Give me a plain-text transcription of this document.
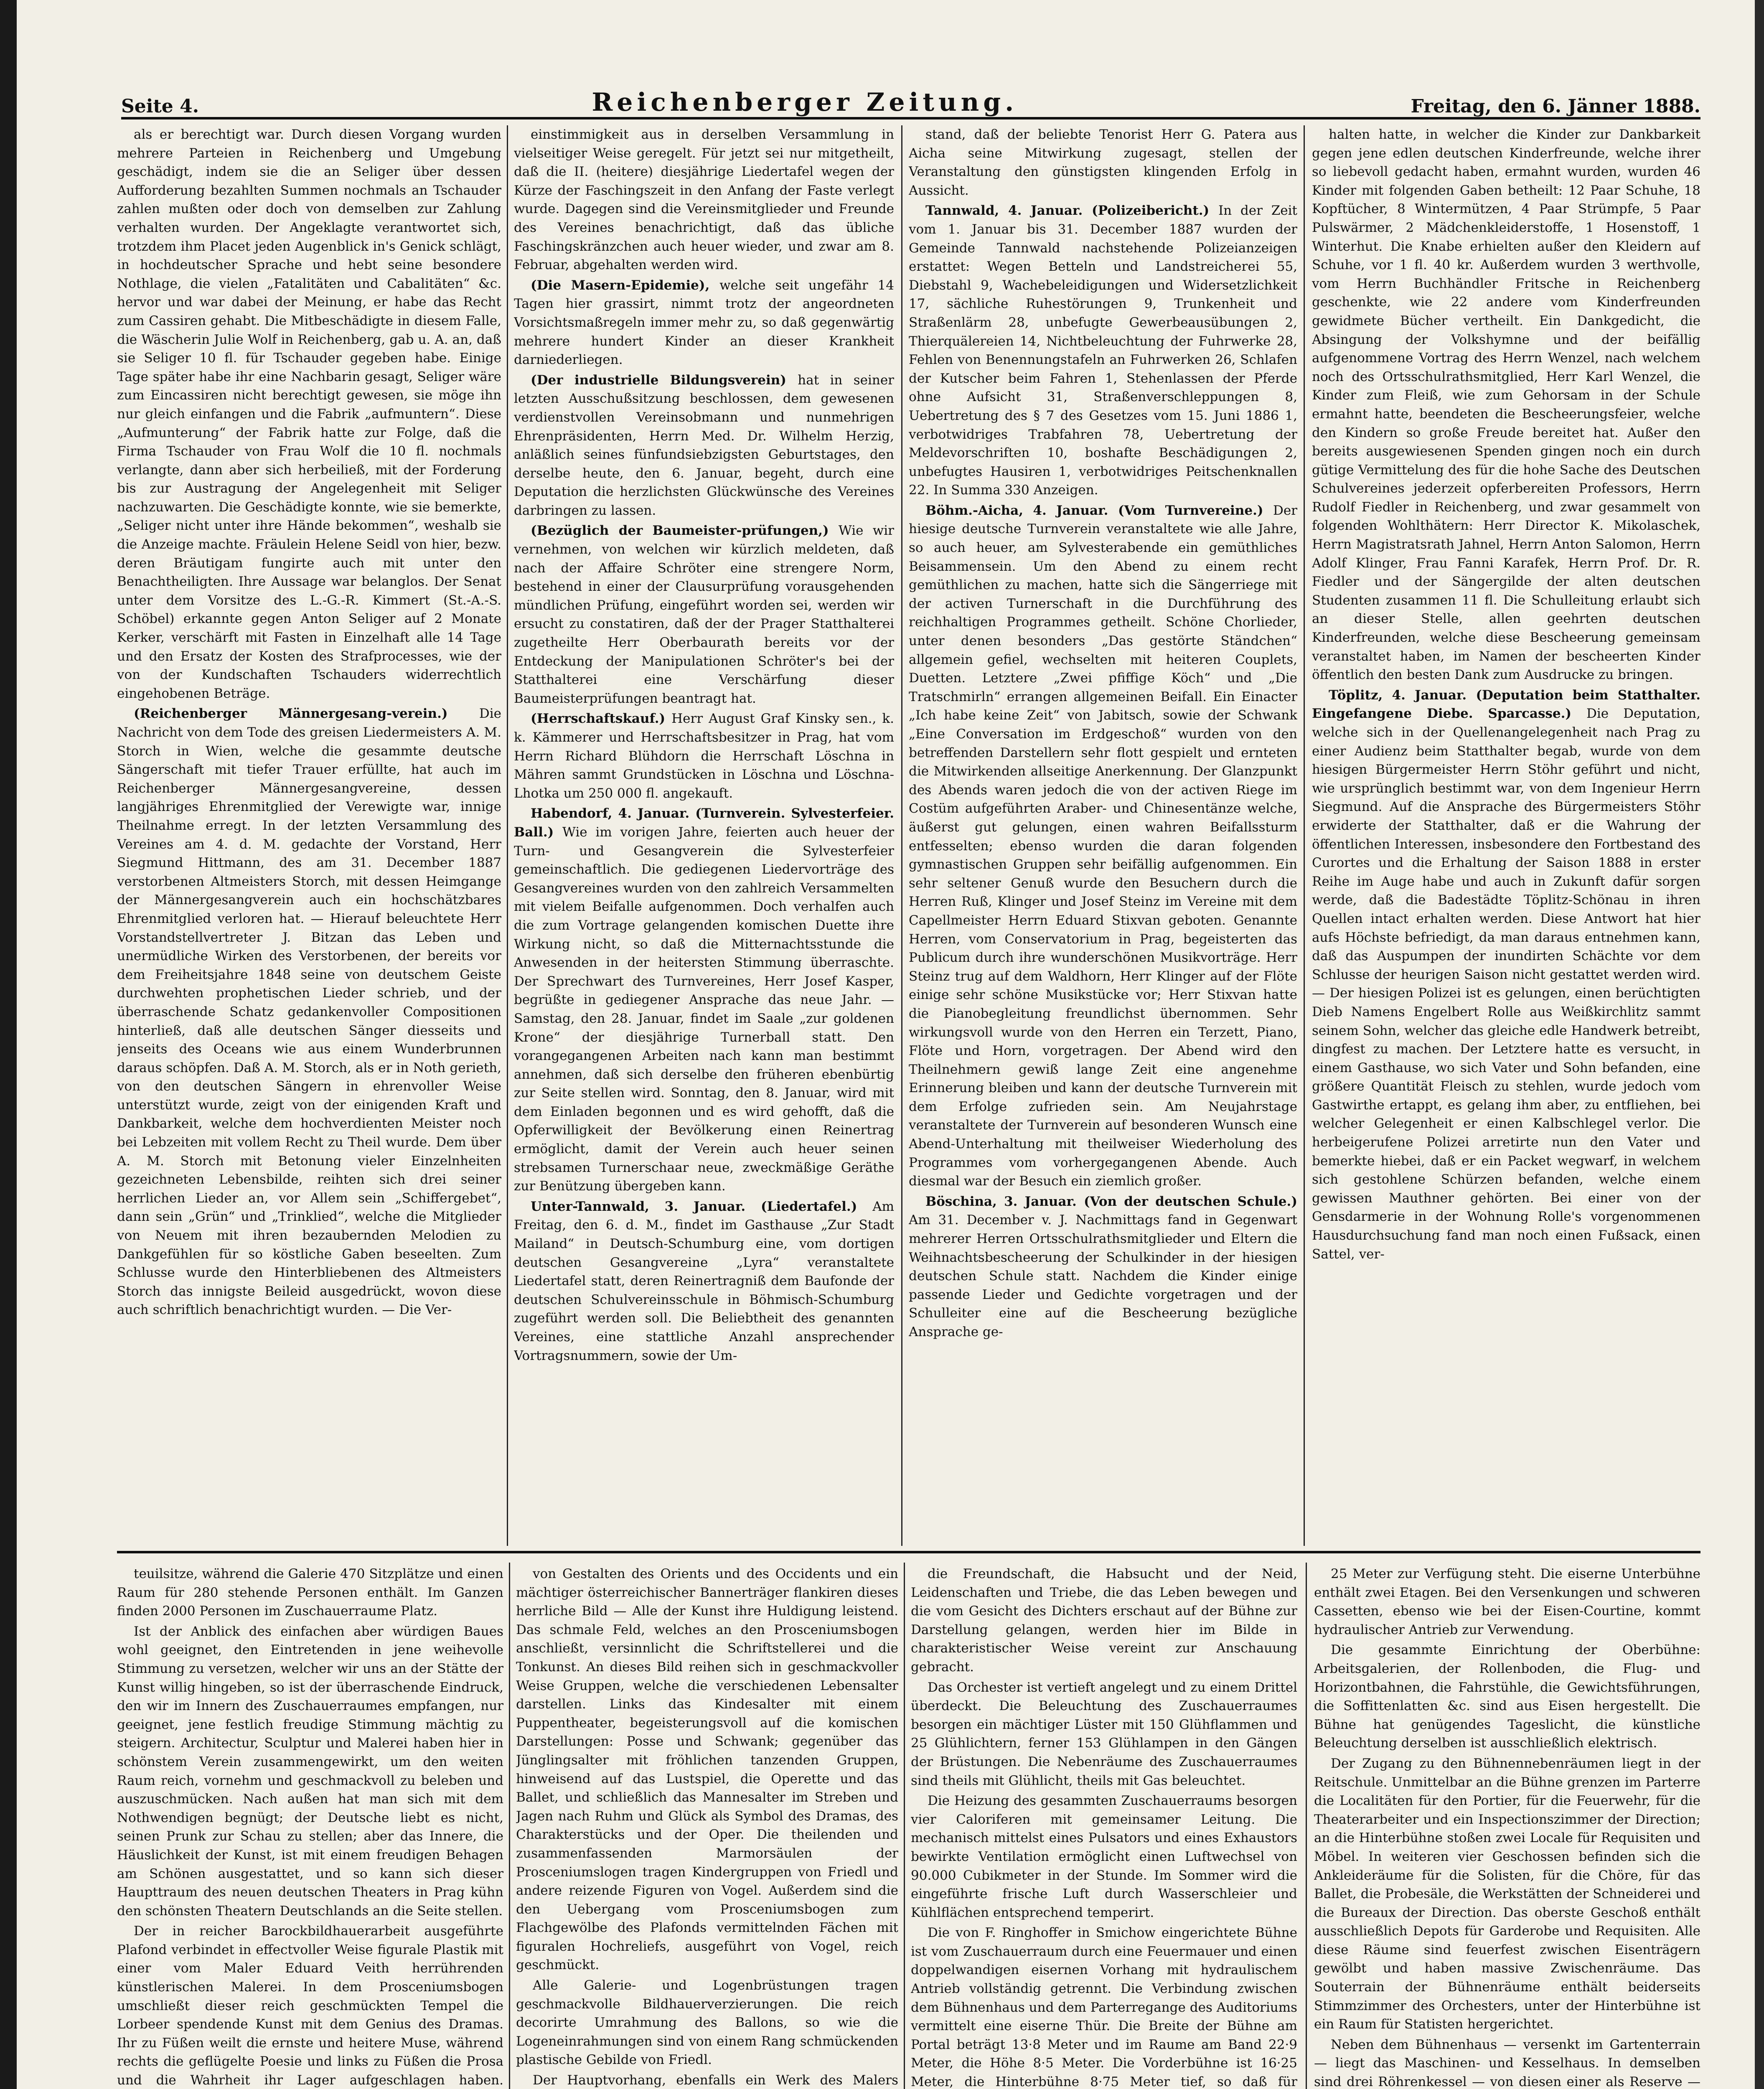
Seite 4.	Reichenberger Zeitung.	Freitag, den 6. Jänner 1888.

als er berechtigt war. Durch diesen Vorgang wurden mehrere Parteien in Reichenberg und Umgebung geschädigt, indem sie die an Seliger über dessen Aufforderung bezahlten Summen nochmals an Tschauder zahlen mußten oder doch von demselben zur Zahlung verhalten wurden. Der Angeklagte verantwortet sich, trotzdem ihm Placet jeden Augenblick in's Genick schlägt, in hochdeutscher Sprache und hebt seine besondere Nothlage, die vielen „Fatalitäten und Cabalitäten“ &c. hervor und war dabei der Meinung, er habe das Recht zum Cassiren gehabt. Die Mitbeschädigte in diesem Falle, die Wäscherin Julie Wolf in Reichenberg, gab u. A. an, daß sie Seliger 10 fl. für Tschauder gegeben habe. Einige Tage später habe ihr eine Nachbarin gesagt, Seliger wäre zum Eincassiren nicht berechtigt gewesen, sie möge ihn nur gleich einfangen und die Fabrik „aufmuntern“. Diese „Aufmunterung“ der Fabrik hatte zur Folge, daß die Firma Tschauder von Frau Wolf die 10 fl. nochmals verlangte, dann aber sich herbeiließ, mit der Forderung bis zur Austragung der Angelegenheit mit Seliger nachzuwarten. Die Geschädigte konnte, wie sie bemerkte, „Seliger nicht unter ihre Hände bekommen“, weshalb sie die Anzeige machte. Fräulein Helene Seidl von hier, bezw. deren Bräutigam fungirte auch mit unter den Benachtheiligten. Ihre Aussage war belanglos. Der Senat unter dem Vorsitze des L.-G.-R. Kimmert (St.-A.-S. Schöbel) erkannte gegen Anton Seliger auf 2 Monate Kerker, verschärft mit Fasten in Einzelhaft alle 14 Tage und den Ersatz der Kosten des Strafprocesses, wie der von der Kundschaften Tschauders widerrechtlich eingehobenen Beträge.

(Reichenberger Männergesang-verein.) Die Nachricht von dem Tode des greisen Liedermeisters A. M. Storch in Wien, welche die gesammte deutsche Sängerschaft mit tiefer Trauer erfüllte, hat auch im Reichenberger Männergesangvereine, dessen langjähriges Ehrenmitglied der Verewigte war, innige Theilnahme erregt. In der letzten Versammlung des Vereines am 4. d. M. gedachte der Vorstand, Herr Siegmund Hittmann, des am 31. December 1887 verstorbenen Altmeisters Storch, mit dessen Heimgange der Männergesangverein auch ein hochschätzbares Ehrenmitglied verloren hat. — Hierauf beleuchtete Herr Vorstandstellvertreter J. Bitzan das Leben und unermüdliche Wirken des Verstorbenen, der bereits vor dem Freiheitsjahre 1848 seine von deutschem Geiste durchwehten prophetischen Lieder schrieb, und der überraschende Schatz gedankenvoller Compositionen hinterließ, daß alle deutschen Sänger diesseits und jenseits des Oceans wie aus einem Wunderbrunnen daraus schöpfen. Daß A. M. Storch, als er in Noth gerieth, von den deutschen Sängern in ehrenvoller Weise unterstützt wurde, zeigt von der einigenden Kraft und Dankbarkeit, welche dem hochverdienten Meister noch bei Lebzeiten mit vollem Recht zu Theil wurde. Dem über A. M. Storch mit Betonung vieler Einzelnheiten gezeichneten Lebensbilde, reihten sich drei seiner herrlichen Lieder an, vor Allem sein „Schiffergebet“, dann sein „Grün“ und „Trinklied“, welche die Mitglieder von Neuem mit ihren bezaubernden Melodien zu Dankgefühlen für so köstliche Gaben beseelten. Zum Schlusse wurde den Hinterbliebenen des Altmeisters Storch das innigste Beileid ausgedrückt, wovon diese auch schriftlich benachrichtigt wurden. — Die Ver-

einstimmigkeit aus in derselben Versammlung in vielseitiger Weise geregelt. Für jetzt sei nur mitgetheilt, daß die II. (heitere) diesjährige Liedertafel wegen der Kürze der Faschingszeit in den Anfang der Faste verlegt wurde. Dagegen sind die Vereinsmitglieder und Freunde des Vereines benachrichtigt, daß das übliche Faschingskränzchen auch heuer wieder, und zwar am 8. Februar, abgehalten werden wird.

(Die Masern-Epidemie), welche seit ungefähr 14 Tagen hier grassirt, nimmt trotz der angeordneten Vorsichtsmaßregeln immer mehr zu, so daß gegenwärtig mehrere hundert Kinder an dieser Krankheit darniederliegen.

(Der industrielle Bildungsverein) hat in seiner letzten Ausschußsitzung beschlossen, dem gewesenen verdienstvollen Vereinsobmann und nunmehrigen Ehrenpräsidenten, Herrn Med. Dr. Wilhelm Herzig, anläßlich seines fünfundsiebzigsten Geburtstages, den derselbe heute, den 6. Januar, begeht, durch eine Deputation die herzlichsten Glückwünsche des Vereines darbringen zu lassen.

(Bezüglich der Baumeister-prüfungen,) Wie wir vernehmen, von welchen wir kürzlich meldeten, daß nach der Affaire Schröter eine strengere Norm, bestehend in einer der Clausurprüfung vorausgehenden mündlichen Prüfung, eingeführt worden sei, werden wir ersucht zu constatiren, daß der der Prager Statthalterei zugetheilte Herr Oberbaurath bereits vor der Entdeckung der Manipulationen Schröter's bei der Statthalterei eine Verschärfung dieser Baumeisterprüfungen beantragt hat.

(Herrschaftskauf.) Herr August Graf Kinsky sen., k. k. Kämmerer und Herrschaftsbesitzer in Prag, hat vom Herrn Richard Blühdorn die Herrschaft Löschna in Mähren sammt Grundstücken in Löschna und Löschna-Lhotka um 250 000 fl. angekauft.

Habendorf, 4. Januar. (Turnverein. Sylvesterfeier. Ball.) Wie im vorigen Jahre, feierten auch heuer der Turn- und Gesangverein die Sylvesterfeier gemeinschaftlich. Die gediegenen Liedervorträge des Gesangvereines wurden von den zahlreich Versammelten mit vielem Beifalle aufgenommen. Doch verhalfen auch die zum Vortrage gelangenden komischen Duette ihre Wirkung nicht, so daß die Mitternachtsstunde die Anwesenden in der heitersten Stimmung überraschte. Der Sprechwart des Turnvereines, Herr Josef Kasper, begrüßte in gediegener Ansprache das neue Jahr. — Samstag, den 28. Januar, findet im Saale „zur goldenen Krone“ der diesjährige Turnerball statt. Den vorangegangenen Arbeiten nach kann man bestimmt annehmen, daß sich derselbe den früheren ebenbürtig zur Seite stellen wird. Sonntag, den 8. Januar, wird mit dem Einladen begonnen und es wird gehofft, daß die Opferwilligkeit der Bevölkerung einen Reinertrag ermöglicht, damit der Verein auch heuer seinen strebsamen Turnerschaar neue, zweckmäßige Geräthe zur Benützung übergeben kann.

Unter-Tannwald, 3. Januar. (Liedertafel.) Am Freitag, den 6. d. M., findet im Gasthause „Zur Stadt Mailand“ in Deutsch-Schumburg eine, vom dortigen deutschen Gesangvereine „Lyra“ veranstaltete Liedertafel statt, deren Reinertragniß dem Baufonde der deutschen Schulvereinsschule in Böhmisch-Schumburg zugeführt werden soll. Die Beliebtheit des genannten Vereines, eine stattliche Anzahl ansprechender Vortragsnummern, sowie der Um-

stand, daß der beliebte Tenorist Herr G. Patera aus Aicha seine Mitwirkung zugesagt, stellen der Veranstaltung den günstigsten klingenden Erfolg in Aussicht.

Tannwald, 4. Januar. (Polizeibericht.) In der Zeit vom 1. Januar bis 31. December 1887 wurden der Gemeinde Tannwald nachstehende Polizeianzeigen erstattet: Wegen Betteln und Landstreicherei 55, Diebstahl 9, Wachebeleidigungen und Widersetzlichkeit 17, sächliche Ruhestörungen 9, Trunkenheit und Straßenlärm 28, unbefugte Gewerbeausübungen 2, Thierquälereien 14, Nichtbeleuchtung der Fuhrwerke 28, Fehlen von Benennungstafeln an Fuhrwerken 26, Schlafen der Kutscher beim Fahren 1, Stehenlassen der Pferde ohne Aufsicht 31, Straßenverschleppungen 8, Uebertretung des § 7 des Gesetzes vom 15. Juni 1886 1, verbotwidriges Trabfahren 78, Uebertretung der Meldevorschriften 10, boshafte Beschädigungen 2, unbefugtes Hausiren 1, verbotwidriges Peitschenknallen 22. In Summa 330 Anzeigen.

Böhm.-Aicha, 4. Januar. (Vom Turnvereine.) Der hiesige deutsche Turnverein veranstaltete wie alle Jahre, so auch heuer, am Sylvesterabende ein gemüthliches Beisammensein. Um den Abend zu einem recht gemüthlichen zu machen, hatte sich die Sängerriege mit der activen Turnerschaft in die Durchführung des reichhaltigen Programmes getheilt. Schöne Chorlieder, unter denen besonders „Das gestörte Ständchen“ allgemein gefiel, wechselten mit heiteren Couplets, Duetten. Letztere „Zwei pfiffige Köch“ und „Die Tratschmirln“ errangen allgemeinen Beifall. Ein Einacter „Ich habe keine Zeit“ von Jabitsch, sowie der Schwank „Eine Conversation im Erdgeschoß“ wurden von den betreffenden Darstellern sehr flott gespielt und ernteten die Mitwirkenden allseitige Anerkennung. Der Glanzpunkt des Abends waren jedoch die von der activen Riege im Costüm aufgeführten Araber- und Chinesentänze welche, äußerst gut gelungen, einen wahren Beifallssturm entfesselten; ebenso wurden die daran folgenden gymnastischen Gruppen sehr beifällig aufgenommen. Ein sehr seltener Genuß wurde den Besuchern durch die Herren Ruß, Klinger und Josef Steinz im Vereine mit dem Capellmeister Herrn Eduard Stixvan geboten. Genannte Herren, vom Conservatorium in Prag, begeisterten das Publicum durch ihre wunderschönen Musikvorträge. Herr Steinz trug auf dem Waldhorn, Herr Klinger auf der Flöte einige sehr schöne Musikstücke vor; Herr Stixvan hatte die Pianobegleitung freundlichst übernommen. Sehr wirkungsvoll wurde von den Herren ein Terzett, Piano, Flöte und Horn, vorgetragen. Der Abend wird den Theilnehmern gewiß lange Zeit eine angenehme Erinnerung bleiben und kann der deutsche Turnverein mit dem Erfolge zufrieden sein. Am Neujahrstage veranstaltete der Turnverein auf besonderen Wunsch eine Abend-Unterhaltung mit theilweiser Wiederholung des Programmes vom vorhergegangenen Abende. Auch diesmal war der Besuch ein ziemlich großer.

Böschina, 3. Januar. (Von der deutschen Schule.) Am 31. December v. J. Nachmittags fand in Gegenwart mehrerer Herren Ortsschulrathsmitglieder und Eltern die Weihnachtsbescheerung der Schulkinder in der hiesigen deutschen Schule statt. Nachdem die Kinder einige passende Lieder und Gedichte vorgetragen und der Schulleiter eine auf die Bescheerung bezügliche Ansprache ge-

halten hatte, in welcher die Kinder zur Dankbarkeit gegen jene edlen deutschen Kinderfreunde, welche ihrer so liebevoll gedacht haben, ermahnt wurden, wurden 46 Kinder mit folgenden Gaben betheilt: 12 Paar Schuhe, 18 Kopftücher, 8 Wintermützen, 4 Paar Strümpfe, 5 Paar Pulswärmer, 2 Mädchenkleiderstoffe, 1 Hosenstoff, 1 Winterhut. Die Knabe erhielten außer den Kleidern auf Schuhe, vor 1 fl. 40 kr. Außerdem wurden 3 werthvolle, vom Herrn Buchhändler Fritsche in Reichenberg geschenkte, wie 22 andere vom Kinderfreunden gewidmete Bücher vertheilt. Ein Dankgedicht, die Absingung der Volkshymne und der beifällig aufgenommene Vortrag des Herrn Wenzel, nach welchem noch des Ortsschulrathsmitglied, Herr Karl Wenzel, die Kinder zum Fleiß, wie zum Gehorsam in der Schule ermahnt hatte, beendeten die Bescheerungsfeier, welche den Kindern so große Freude bereitet hat. Außer den bereits ausgewiesenen Spenden gingen noch ein durch gütige Vermittelung des für die hohe Sache des Deutschen Schulvereines jederzeit opferbereiten Professors, Herrn Rudolf Fiedler in Reichenberg, und zwar gesammelt von folgenden Wohlthätern: Herr Director K. Mikolaschek, Herrn Magistratsrath Jahnel, Herrn Anton Salomon, Herrn Adolf Klinger, Frau Fanni Karafek, Herrn Prof. Dr. R. Fiedler und der Sängergilde der alten deutschen Studenten zusammen 11 fl. Die Schulleitung erlaubt sich an dieser Stelle, allen geehrten deutschen Kinderfreunden, welche diese Bescheerung gemeinsam veranstaltet haben, im Namen der bescheerten Kinder öffentlich den besten Dank zum Ausdrucke zu bringen.

Töplitz, 4. Januar. (Deputation beim Statthalter. Eingefangene Diebe. Sparcasse.) Die Deputation, welche sich in der Quellenangelegenheit nach Prag zu einer Audienz beim Statthalter begab, wurde von dem hiesigen Bürgermeister Herrn Stöhr geführt und nicht, wie ursprünglich bestimmt war, von dem Ingenieur Herrn Siegmund. Auf die Ansprache des Bürgermeisters Stöhr erwiderte der Statthalter, daß er die Wahrung der öffentlichen Interessen, insbesondere den Fortbestand des Curortes und die Erhaltung der Saison 1888 in erster Reihe im Auge habe und auch in Zukunft dafür sorgen werde, daß die Badestädte Töplitz-Schönau in ihren Quellen intact erhalten werden. Diese Antwort hat hier aufs Höchste befriedigt, da man daraus entnehmen kann, daß das Auspumpen der inundirten Schächte vor dem Schlusse der heurigen Saison nicht gestattet werden wird. — Der hiesigen Polizei ist es gelungen, einen berüchtigten Dieb Namens Engelbert Rolle aus Weißkirchlitz sammt seinem Sohn, welcher das gleiche edle Handwerk betreibt, dingfest zu machen. Der Letztere hatte es versucht, in einem Gasthause, wo sich Vater und Sohn befanden, eine größere Quantität Fleisch zu stehlen, wurde jedoch vom Gastwirthe ertappt, es gelang ihm aber, zu entfliehen, bei welcher Gelegenheit er einen Kalbschlegel verlor. Die herbeigerufene Polizei arretirte nun den Vater und bemerkte hiebei, daß er ein Packet wegwarf, in welchem sich gestohlene Schürzen befanden, welche einem gewissen Mauthner gehörten. Bei einer von der Gensdarmerie in der Wohnung Rolle's vorgenommenen Hausdurchsuchung fand man noch einen Fußsack, einen Sattel, ver-

teuilsitze, während die Galerie 470 Sitzplätze und einen Raum für 280 stehende Personen enthält. Im Ganzen finden 2000 Personen im Zuschauerraume Platz.

Ist der Anblick des einfachen aber würdigen Baues wohl geeignet, den Eintretenden in jene weihevolle Stimmung zu versetzen, welcher wir uns an der Stätte der Kunst willig hingeben, so ist der überraschende Eindruck, den wir im Innern des Zuschauerraumes empfangen, nur geeignet, jene festlich freudige Stimmung mächtig zu steigern. Architectur, Sculptur und Malerei haben hier in schönstem Verein zusammengewirkt, um den weiten Raum reich, vornehm und geschmackvoll zu beleben und auszuschmücken. Nach außen hat man sich mit dem Nothwendigen begnügt; der Deutsche liebt es nicht, seinen Prunk zur Schau zu stellen; aber das Innere, die Häuslichkeit der Kunst, ist mit einem freudigen Behagen am Schönen ausgestattet, und so kann sich dieser Haupttraum des neuen deutschen Theaters in Prag kühn den schönsten Theatern Deutschlands an die Seite stellen.

Der in reicher Barockbildhauerarbeit ausgeführte Plafond verbindet in effectvoller Weise figurale Plastik mit einer vom Maler Eduard Veith herrührenden künstlerischen Malerei. In dem Prosceniumsbogen umschließt dieser reich geschmückten Tempel die Lorbeer spendende Kunst mit dem Genius des Dramas. Ihr zu Füßen weilt die ernste und heitere Muse, während rechts die geflügelte Poesie und links zu Füßen die Prosa und die Wahrheit ihr Lager aufgeschlagen haben.

von Gestalten des Orients und des Occidents und ein mächtiger österreichischer Bannerträger flankiren dieses herrliche Bild — Alle der Kunst ihre Huldigung leistend. Das schmale Feld, welches an den Prosceniumsbogen anschließt, versinnlicht die Schriftstellerei und die Tonkunst. An dieses Bild reihen sich in geschmackvoller Weise Gruppen, welche die verschiedenen Lebensalter darstellen. Links das Kindesalter mit einem Puppentheater, begeisterungsvoll auf die komischen Darstellungen: Posse und Schwank; gegenüber das Jünglingsalter mit fröhlichen tanzenden Gruppen, hinweisend auf das Lustspiel, die Operette und das Ballet, und schließlich das Mannesalter im Streben und Jagen nach Ruhm und Glück als Symbol des Dramas, des Charakterstücks und der Oper. Die theilenden und zusammenfassenden Marmorsäulen der Prosceniumslogen tragen Kindergruppen von Friedl und andere reizende Figuren von Vogel. Außerdem sind die den Uebergang vom Prosceniumsbogen zum Flachgewölbe des Plafonds vermittelnden Fächen mit figuralen Hochreliefs, ausgeführt von Vogel, reich geschmückt.

Alle Galerie- und Logenbrüstungen tragen geschmackvolle Bildhauerverzierungen. Die reich decorirte Umrahmung des Ballons, so wie die Logeneinrahmungen sind von einem Rang schmückenden plastische Gebilde von Friedl.

Der Hauptvorhang, ebenfalls ein Werk des Malers

die Freundschaft, die Habsucht und der Neid, Leidenschaften und Triebe, die das Leben bewegen und die vom Gesicht des Dichters erschaut auf der Bühne zur Darstellung gelangen, werden hier im Bilde in charakteristischer Weise vereint zur Anschauung gebracht.

Das Orchester ist vertieft angelegt und zu einem Drittel überdeckt. Die Beleuchtung des Zuschauerraumes besorgen ein mächtiger Lüster mit 150 Glühflammen und 25 Glühlichtern, ferner 153 Glühlampen in den Gängen der Brüstungen. Die Nebenräume des Zuschauerraumes sind theils mit Glühlicht, theils mit Gas beleuchtet.

Die Heizung des gesammten Zuschauerraums besorgen vier Caloriferen mit gemeinsamer Leitung. Die mechanisch mittelst eines Pulsators und eines Exhaustors bewirkte Ventilation ermöglicht einen Luftwechsel von 90.000 Cubikmeter in der Stunde. Im Sommer wird die eingeführte frische Luft durch Wasserschleier und Kühlflächen entsprechend temperirt.

Die von F. Ringhoffer in Smichow eingerichtete Bühne ist vom Zuschauerraum durch eine Feuermauer und einen doppelwandigen eisernen Vorhang mit hydraulischem Antrieb vollständig getrennt. Die Verbindung zwischen dem Bühnenhaus und dem Parterregange des Auditoriums vermittelt eine eiserne Thür. Die Breite der Bühne am Portal beträgt 13·8 Meter und im Raume am Band 22·9 Meter, die Höhe 8·5 Meter. Die Vorderbühne ist 16·25 Meter, die Hinterbühne 8·75 Meter tief, so daß für

25 Meter zur Verfügung steht. Die eiserne Unterbühne enthält zwei Etagen. Bei den Versenkungen und schweren Cassetten, ebenso wie bei der Eisen-Courtine, kommt hydraulischer Antrieb zur Verwendung.

Die gesammte Einrichtung der Oberbühne: Arbeitsgalerien, der Rollenboden, die Flug- und Horizontbahnen, die Fahrstühle, die Gewichtsführungen, die Soffittenlatten &c. sind aus Eisen hergestellt. Die Bühne hat genügendes Tageslicht, die künstliche Beleuchtung derselben ist ausschließlich elektrisch.

Der Zugang zu den Bühnennebenräumen liegt in der Reitschule. Unmittelbar an die Bühne grenzen im Parterre die Localitäten für den Portier, für die Feuerwehr, für die Theaterarbeiter und ein Inspectionszimmer der Direction; an die Hinterbühne stoßen zwei Locale für Requisiten und Möbel. In weiteren vier Geschossen befinden sich die Ankleideräume für die Solisten, für die Chöre, für das Ballet, die Probesäle, die Werkstätten der Schneiderei und die Bureaux der Direction. Das oberste Geschoß enthält ausschließlich Depots für Garderobe und Requisiten. Alle diese Räume sind feuerfest zwischen Eisenträgern gewölbt und haben massive Zwischenräume. Das Souterrain der Bühnenräume enthält beiderseits Stimmzimmer des Orchesters, unter der Hinterbühne ist ein Raum für Statisten hergerichtet.

Neben dem Bühnenhaus — versenkt im Gartenterrain — liegt das Maschinen- und Kesselhaus. In demselben sind drei Röhrenkessel — von diesen einer als Reserve —
